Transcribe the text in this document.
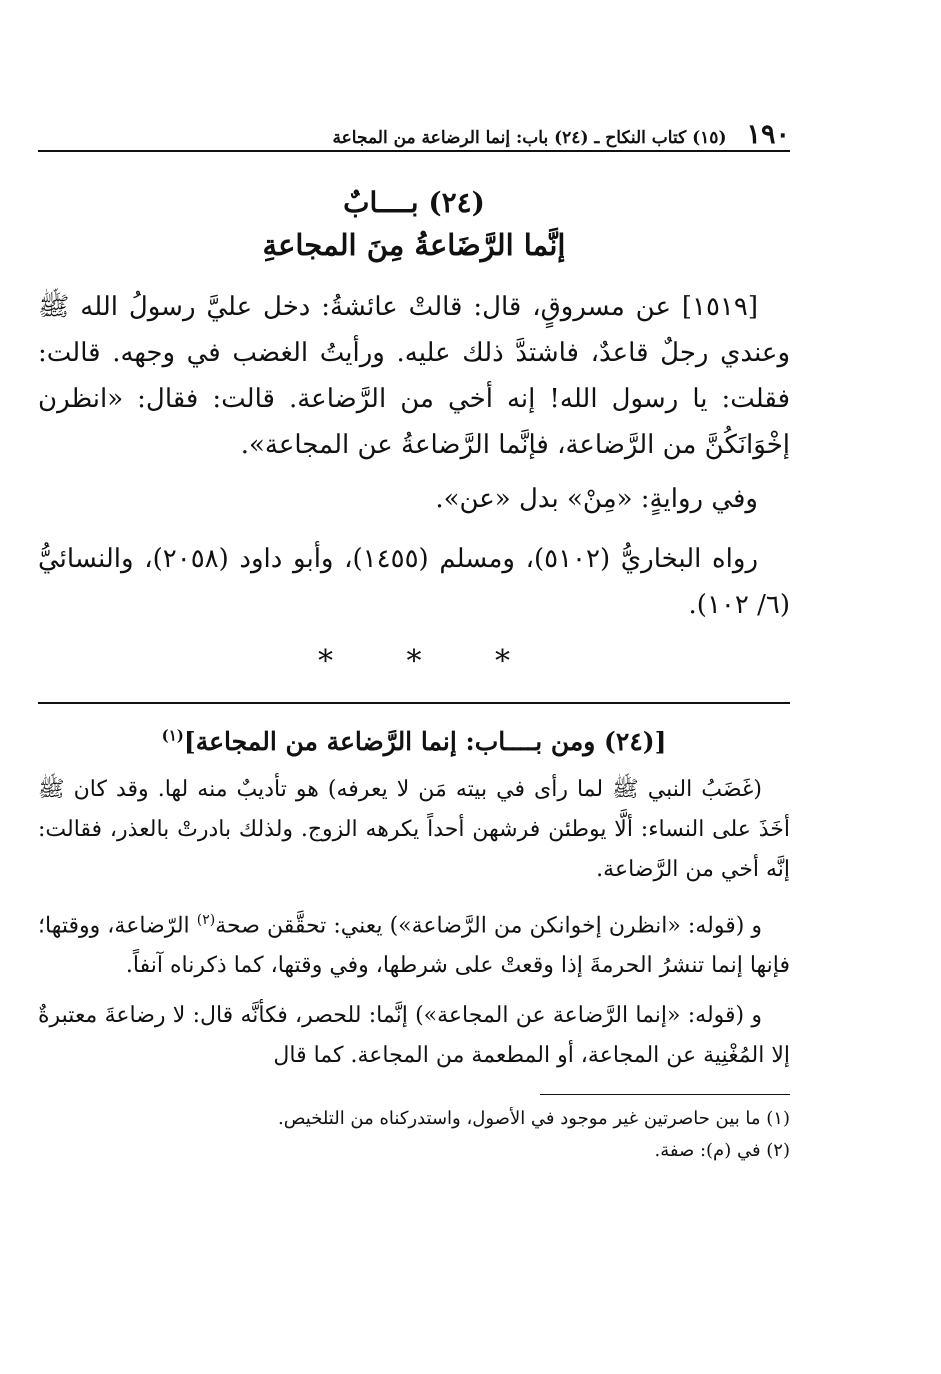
١٩٠
(١٥) كتاب النكاح ـ (٢٤) باب: إنما الرضاعة من المجاعة
(٢٤) بــــابٌ
إنَّما الرَّضَاعةُ مِنَ المجاعةِ

[١٥١٩] عن مسروقٍ، قال: قالتْ عائشةُ: دخل عليَّ رسولُ الله ﷺ وعندي رجلٌ قاعدٌ، فاشتدَّ ذلك عليه. ورأيتُ الغضب في وجهه. قالت: فقلت: يا رسول الله! إنه أخي من الرَّضاعة. قالت: فقال: «انظرن إخْوَانَكُنَّ من الرَّضاعة، فإنَّما الرَّضاعةُ عن المجاعة».

وفي روايةٍ: «مِنْ» بدل «عن».

رواه البخاريُّ (٥١٠٢)، ومسلم (١٤٥٥)، وأبو داود (٢٠٥٨)، والنسائيُّ (٦/ ١٠٢).

* * *
[(٢٤) ومن بــــاب: إنما الرَّضاعة من المجاعة]$^{(١)}$

(غَضَبُ النبي ﷺ لما رأى في بيته مَن لا يعرفه) هو تأديبٌ منه لها. وقد كان ﷺ أخَذَ على النساء: ألَّا يوطئن فرشهن أحداً يكرهه الزوج. ولذلك بادرتْ بالعذر، فقالت: إنَّه أخي من الرَّضاعة.

و (قوله: «انظرن إخوانكن من الرَّضاعة») يعني: تحقَّقن صحة$^{(٢)}$ الرّضاعة، ووقتها؛ فإنها إنما تنشرُ الحرمةَ إذا وقعتْ على شرطها، وفي وقتها، كما ذكرناه آنفاً.

و (قوله: «إنما الرَّضاعة عن المجاعة») إنَّما: للحصر، فكأنَّه قال: لا رضاعةَ معتبرةٌ إلا المُغْنِية عن المجاعة، أو المطعمة من المجاعة. كما قال

(١) ما بين حاصرتين غير موجود في الأصول، واستدركناه من التلخيص.

(٢) في (م): صفة.
